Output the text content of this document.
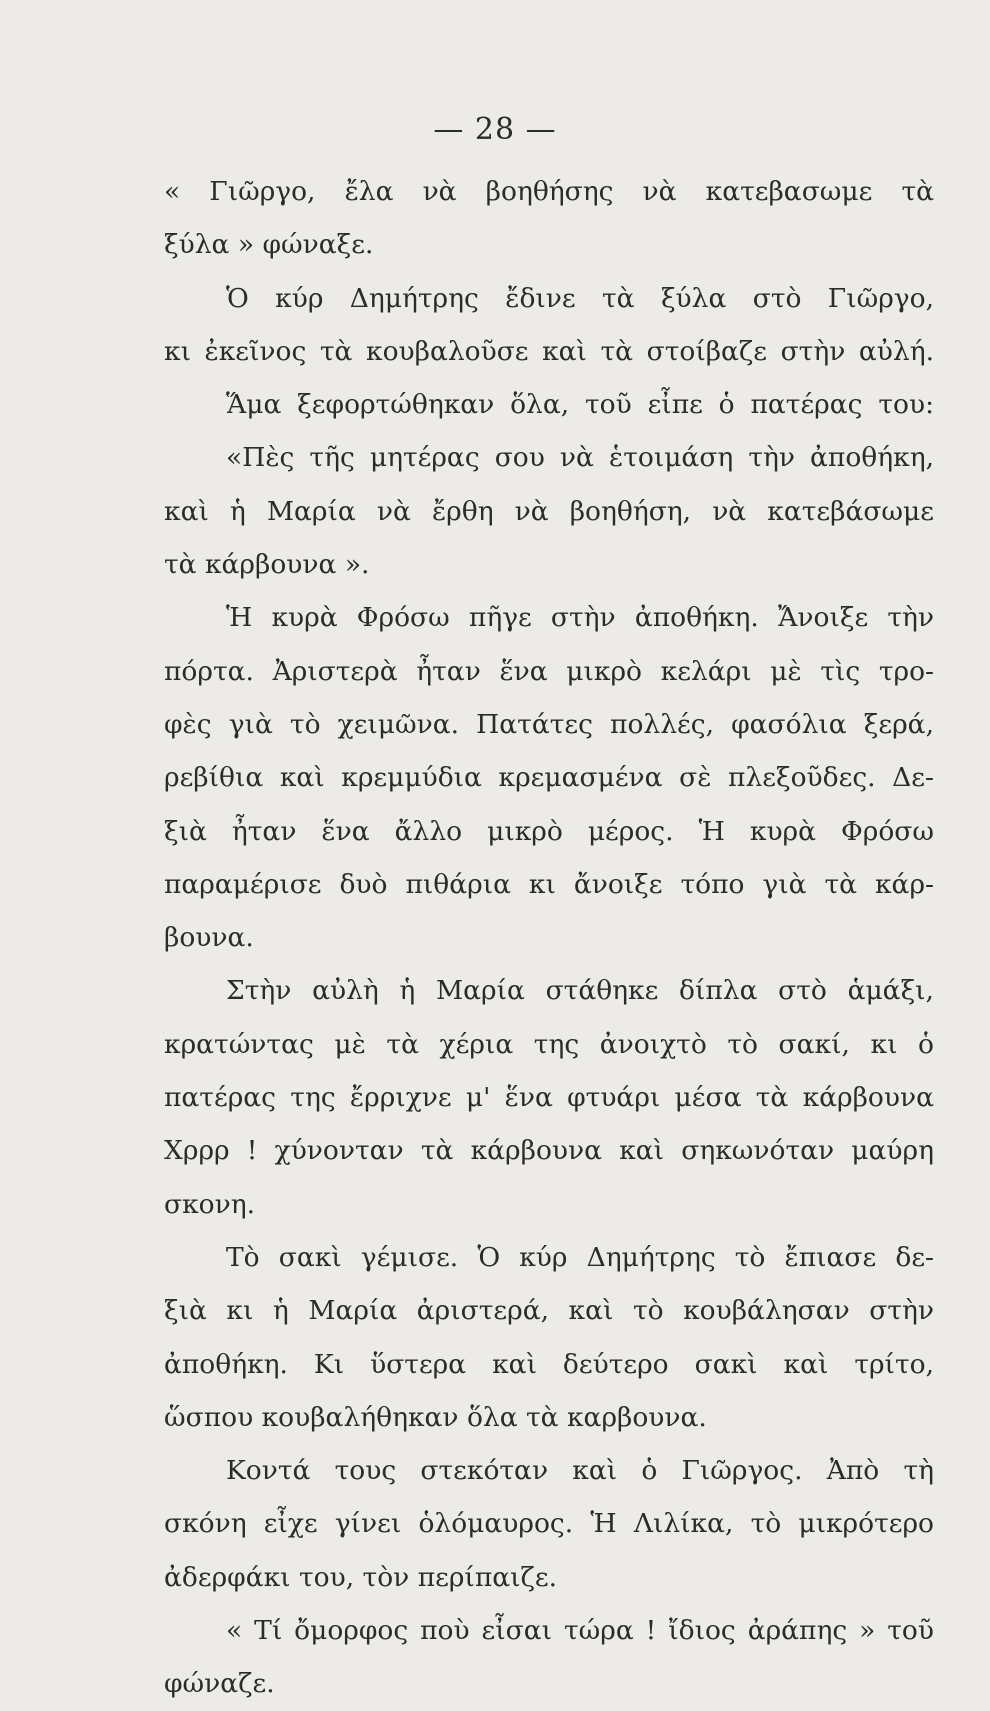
— 28 —
« Γιῶργο, ἔλα νὰ βοηθήσης νὰ κατεβασωμε τὰ
ξύλα » φώναξε.
Ὁ κύρ Δημήτρης ἔδινε τὰ ξύλα στὸ Γιῶργο,
κι ἐκεῖνος τὰ κουβαλοῦσε καὶ τὰ στοίβαζε στὴν αὐλή.
Ἅμα ξεφορτώθηκαν ὅλα, τοῦ εἶπε ὁ πατέρας του:
«Πὲς τῆς μητέρας σου νὰ ἑτοιμάση τὴν ἀποθήκη,
καὶ ἡ Μαρία νὰ ἔρθη νὰ βοηθήση, νὰ κατεβάσωμε
τὰ κάρβουνα ».
Ἡ κυρὰ Φρόσω πῆγε στὴν ἀποθήκη. Ἄνοιξε τὴν
πόρτα. Ἀριστερὰ ἦταν ἕνα μικρὸ κελάρι μὲ τὶς τρο-
φὲς γιὰ τὸ χειμῶνα. Πατάτες πολλές, φασόλια ξερά,
ρεβίθια καὶ κρεμμύδια κρεμασμένα σὲ πλεξοῦδες. Δε-
ξιὰ ἦταν ἕνα ἄλλο μικρὸ μέρος. Ἡ κυρὰ Φρόσω
παραμέρισε δυὸ πιθάρια κι ἄνοιξε τόπο γιὰ τὰ κάρ-
βουνα.
Στὴν αὐλὴ ἡ Μαρία στάθηκε δίπλα στὸ ἁμάξι,
κρατώντας μὲ τὰ χέρια της ἀνοιχτὸ τὸ σακί, κι ὁ
πατέρας της ἔρριχνε μ' ἕνα φτυάρι μέσα τὰ κάρβουνα
Χρρρ ! χύνονταν τὰ κάρβουνα καὶ σηκωνόταν μαύρη
σκονη.
Τὸ σακὶ γέμισε. Ὁ κύρ Δημήτρης τὸ ἔπιασε δε-
ξιὰ κι ἡ Μαρία ἀριστερά, καὶ τὸ κουβάλησαν στὴν
ἀποθήκη. Κι ὕστερα καὶ δεύτερο σακὶ καὶ τρίτο,
ὥσπου κουβαλήθηκαν ὅλα τὰ καρβουνα.
Κοντά τους στεκόταν καὶ ὁ Γιῶργος. Ἀπὸ τὴ
σκόνη εἶχε γίνει ὁλόμαυρος. Ἡ Λιλίκα, τὸ μικρότερο
ἀδερφάκι του, τὸν περίπαιζε.
« Τί ὄμορφος ποὺ εἶσαι τώρα ! ἴδιος ἀράπης » τοῦ
φώναζε.
